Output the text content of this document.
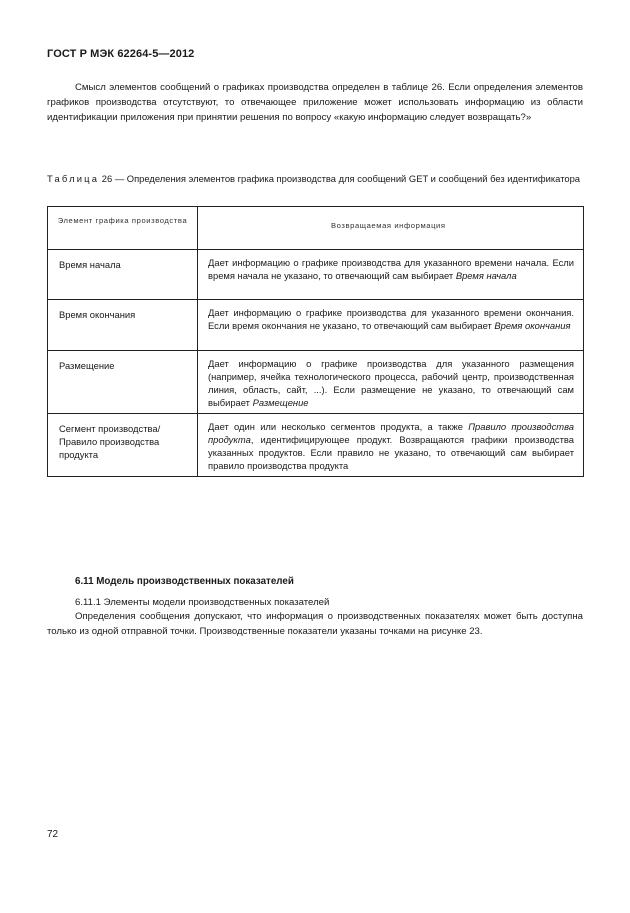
ГОСТ Р МЭК 62264-5—2012
Смысл элементов сообщений о графиках производства определен в таблице 26. Если определения элементов графиков производства отсутствуют, то отвечающее приложение может использовать информацию из области идентификации приложения при принятии решения по вопросу «какую информацию следует возвращать?»
Таблица 26 — Определения элементов графика производства для сообщений GET и сообщений без идентификатора
Элемент графика производства	Возвращаемая информация
Время начала	Дает информацию о графике производства для указанного времени начала. Если время начала не указано, то отвечающий сам выбирает Время начала
Время окончания	Дает информацию о графике производства для указанного времени окончания. Если время окончания не указано, то отвечающий сам выбирает Время окончания
Размещение	Дает информацию о графике производства для указанного размещения (например, ячейка технологического процесса, рабочий центр, производственная линия, область, сайт, ...). Если размещение не указано, то отвечающий сам выбирает Размещение
Сегмент производства/ Правило производства продукта	Дает один или несколько сегментов продукта, а также Правило производства продукта, идентифицирующее продукт. Возвращаются графики производства указанных продуктов. Если правило не указано, то отвечающий сам выбирает правило производства продукта
6.11 Модель производственных показателей
6.11.1 Элементы модели производственных показателей
Определения сообщения допускают, что информация о производственных показателях может быть доступна только из одной отправной точки. Производственные показатели указаны точками на рисунке 23.
72
